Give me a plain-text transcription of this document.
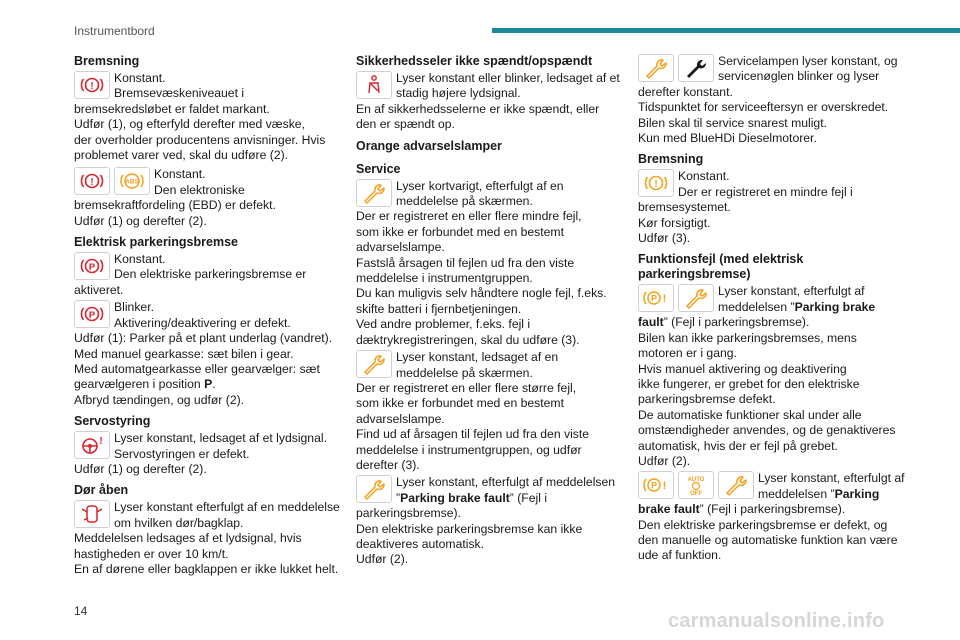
Instrumentbord
Bremsning
!

Konstant.

Bremsevæskeniveauet i

bremsekredsløbet er faldet markant.

Udfør (1), og efterfyld derefter med væske,

der overholder producentens anvisninger. Hvis

problemet varer ved, skal du udføre (2).

!	ABS

Konstant.

Den elektroniske

bremsekraftfordeling (EBD) er defekt.

Udfør (1) og derefter (2).

Elektrisk parkeringsbremse
P

Konstant.

Den elektriske parkeringsbremse er

aktiveret.

P

Blinker.

Aktivering/deaktivering er defekt.

Udfør (1): Parker på et plant underlag (vandret).

Med manuel gearkasse: sæt bilen i gear.

Med automatgearkasse eller gearvælger: sæt

gearvælgeren i position P.

Afbryd tændingen, og udfør (2).

Servostyring
! Lyser konstant, ledsaget af et lydsignal.

Servostyringen er defekt.

Udfør (1) og derefter (2).

Dør åben

Lyser konstant efterfulgt af en meddelelse

om hvilken dør/bagklap.

Meddelelsen ledsages af et lydsignal, hvis

hastigheden er over 10 km/t.

En af dørene eller bagklappen er ikke lukket helt.

Sikkerhedsseler ikke spændt/opspændt

Lyser konstant eller blinker, ledsaget af et

stadig højere lydsignal.

En af sikkerhedsselerne er ikke spændt, eller

den er spændt op.

Orange advarselslamper
Service

Lyser kortvarigt, efterfulgt af en

meddelelse på skærmen.

Der er registreret en eller flere mindre fejl,

som ikke er forbundet med en bestemt

advarselslampe.

Fastslå årsagen til fejlen ud fra den viste

meddelelse i instrumentgruppen.

Du kan muligvis selv håndtere nogle fejl, f.eks.

skifte batteri i fjernbetjeningen.

Ved andre problemer, f.eks. fejl i

dæktrykregistreringen, skal du udføre (3).

Lyser konstant, ledsaget af en

meddelelse på skærmen.

Der er registreret en eller flere større fejl,

som ikke er forbundet med en bestemt

advarselslampe.

Find ud af årsagen til fejlen ud fra den viste

meddelelse i instrumentgruppen, og udfør

derefter (3).

Lyser konstant, efterfulgt af meddelelsen

”Parking brake fault” (Fejl i

parkeringsbremse).

Den elektriske parkeringsbremse kan ikke

deaktiveres automatisk.

Udfør (2).

Servicelampen lyser konstant, og

servicenøglen blinker og lyser

derefter konstant.

Tidspunktet for serviceeftersyn er overskredet.

Bilen skal til service snarest muligt.

Kun med BlueHDi Dieselmotorer.

Bremsning
!

Konstant.

Der er registreret en mindre fejl i

bremsesystemet.

Kør forsigtigt.

Udfør (3).

Funktionsfejl (med elektrisk
parkeringsbremse)
P !

Lyser konstant, efterfulgt af

meddelelsen ”Parking brake

fault” (Fejl i parkeringsbremse).

Bilen kan ikke parkeringsbremses, mens

motoren er i gang.

Hvis manuel aktivering og deaktivering

ikke fungerer, er grebet for den elektriske

parkeringsbremse defekt.

De automatiske funktioner skal under alle

omstændigheder anvendes, og de genaktiveres

automatisk, hvis der er fejl på grebet.

Udfør (2).

P !	AUTO
OFF

Lyser konstant, efterfulgt af

meddelelsen ”Parking

brake fault” (Fejl i parkeringsbremse).

Den elektriske parkeringsbremse er defekt, og

den manuelle og automatiske funktion kan være

ude af funktion.

14	carmanualsonline.info
